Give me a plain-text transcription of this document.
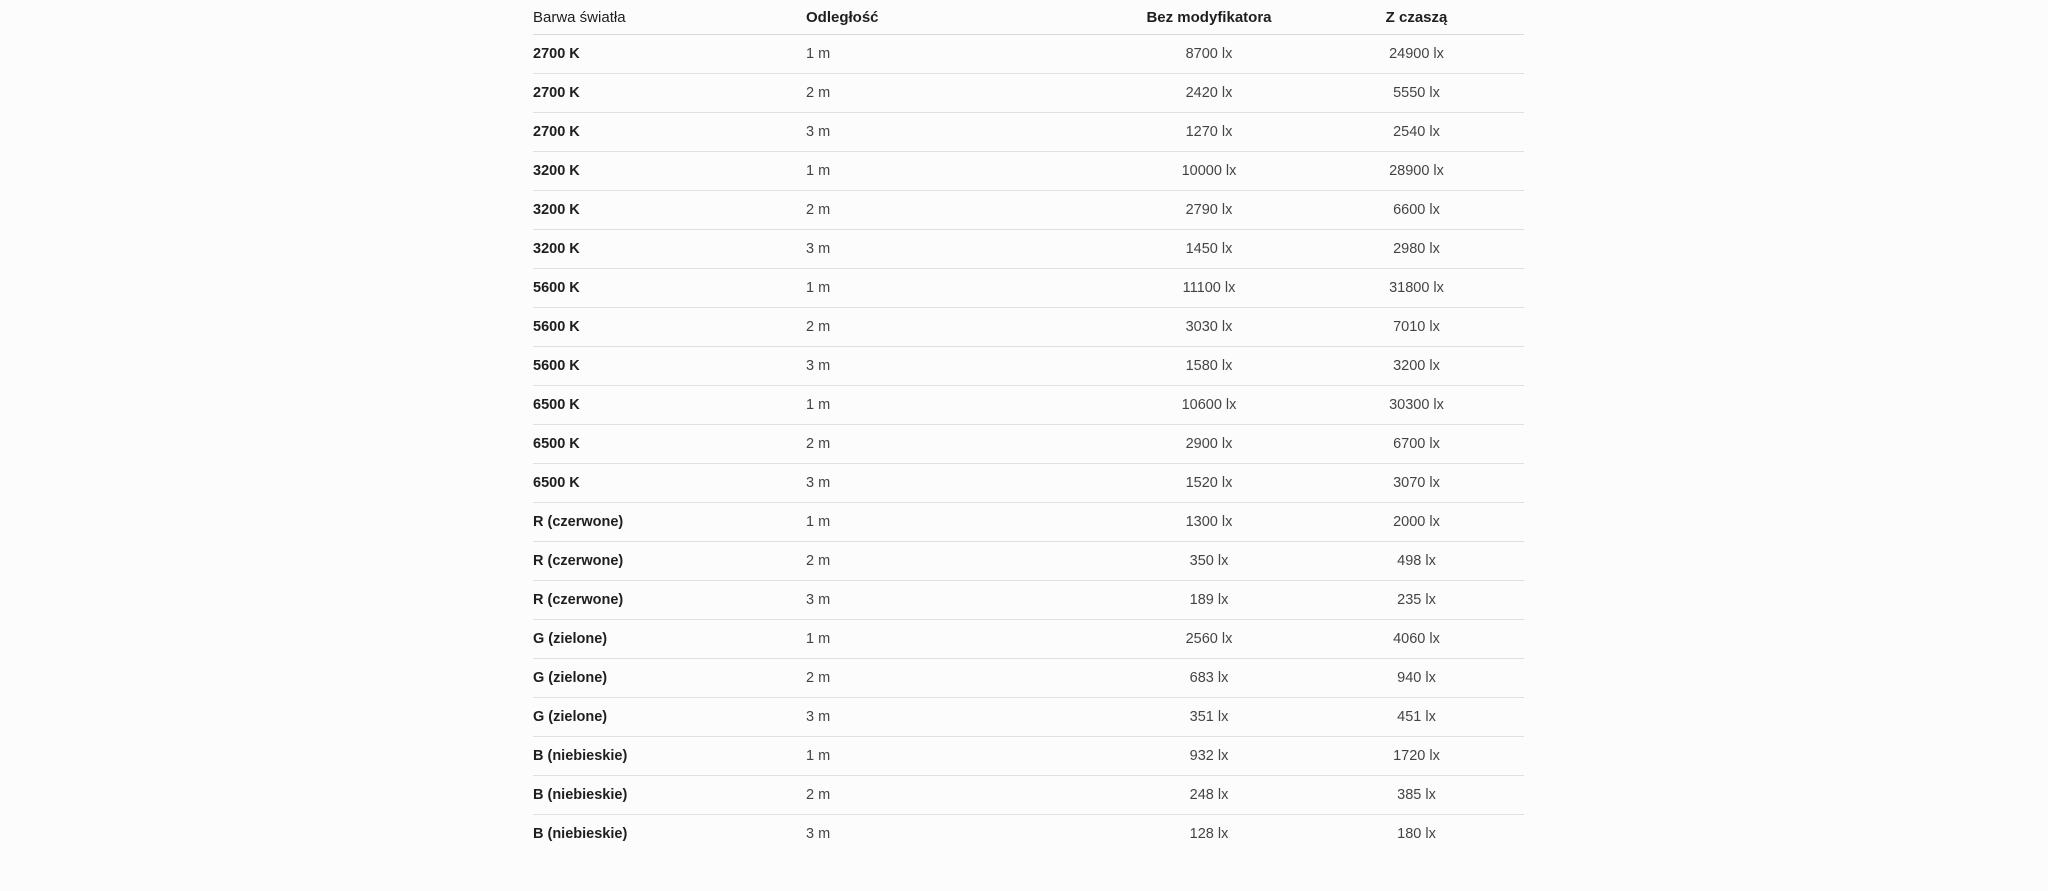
Barwa światła	Odległość	Bez modyfikatora	Z czaszą
2700 K	1 m	8700 lx	24900 lx
2700 K	2 m	2420 lx	5550 lx
2700 K	3 m	1270 lx	2540 lx
3200 K	1 m	10000 lx	28900 lx
3200 K	2 m	2790 lx	6600 lx
3200 K	3 m	1450 lx	2980 lx
5600 K	1 m	11100 lx	31800 lx
5600 K	2 m	3030 lx	7010 lx
5600 K	3 m	1580 lx	3200 lx
6500 K	1 m	10600 lx	30300 lx
6500 K	2 m	2900 lx	6700 lx
6500 K	3 m	1520 lx	3070 lx
R (czerwone)	1 m	1300 lx	2000 lx
R (czerwone)	2 m	350 lx	498 lx
R (czerwone)	3 m	189 lx	235 lx
G (zielone)	1 m	2560 lx	4060 lx
G (zielone)	2 m	683 lx	940 lx
G (zielone)	3 m	351 lx	451 lx
B (niebieskie)	1 m	932 lx	1720 lx
B (niebieskie)	2 m	248 lx	385 lx
B (niebieskie)	3 m	128 lx	180 lx
